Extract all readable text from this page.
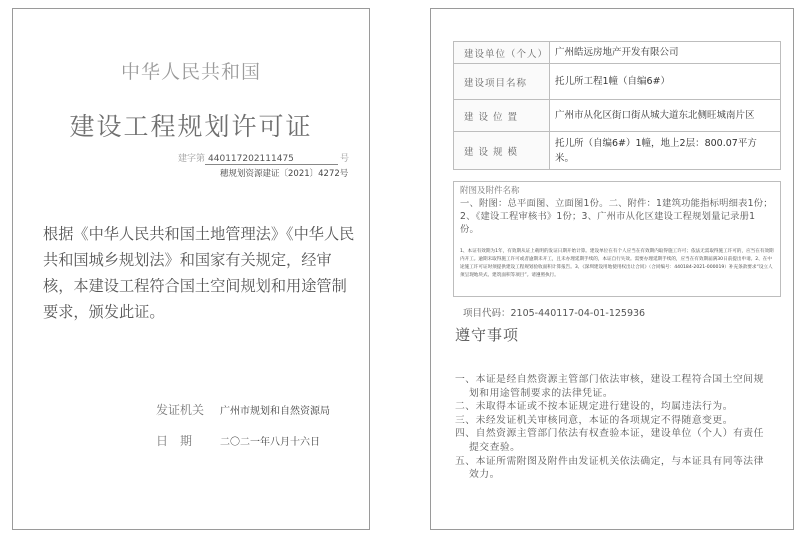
中华人民共和国
建设工程规划许可证
建字第 440117202111475	号
穗规划资源建证〔2021〕4272号
根据《中华人民共和国土地管理法》《中华人民共和国城乡规划法》和国家有关规定，经审核，本建设工程符合国土空间规划和用途管制要求，颁发此证。
发证机关 广州市规划和自然资源局
日　期	二〇二一年八月十六日
建设单位（个人）	广州皓远房地产开发有限公司
建设项目名称	托儿所工程1幢（自编6#）
建 设 位 置	广州市从化区街口街从城大道东北侧旺城南片区
建 设 规 模	托儿所（自编6#）1幢，地上2层：800.07平方米。
附图及附件名称
一、附图：总平面图、立面图1份。二、附件：1建筑功能指标明细表1份；2、《建设工程审核书》1份；3、广州市从化区建设工程规划量记录册1份。
1、本证有效期为1年，有效期从证上载明的发证日期开始计算。建设单位在有个人应当在有效期内取得施工许可；依法无需取得施工许可的，应当在有效期内开工。逾期未取得施工许可或者逾期未开工，且未办理延期手续的，本证自行失效。需要办理延期手续的，应当在有效期届满30日前提出申请。2、在中途施工许可证时须提供建设工程规划验收面积计算报告。3、《深圳建设用地使用权出让合同》（合同编号：440184-2021-000019）补充条款要求“设立人须呈现地块式、建筑面积等项目”。请遵照执行。
项目代码：2105-440117-04-01-125936
遵守事项
一、本证是经自然资源主管部门依法审核，建设工程符合国土空间规划和用途管制要求的法律凭证。
二、未取得本证或不按本证规定进行建设的，均属违法行为。
三、未经发证机关审核同意，本证的各项规定不得随意变更。
四、自然资源主管部门依法有权查验本证，建设单位（个人）有责任提交查验。
五、本证所需附图及附件由发证机关依法确定，与本证具有同等法律效力。
